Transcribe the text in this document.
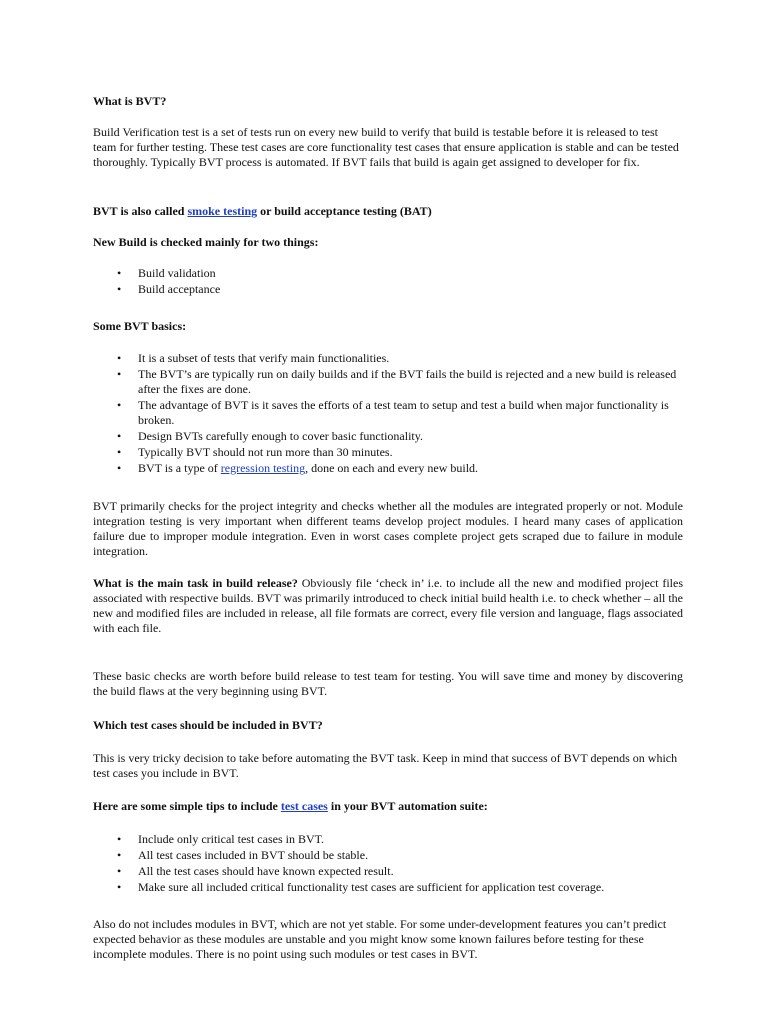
What is BVT?

Build Verification test is a set of tests run on every new build to verify that build is testable before it is released to test team for further testing. These test cases are core functionality test cases that ensure application is stable and can be tested thoroughly. Typically BVT process is automated. If BVT fails that build is again get assigned to developer for fix.

BVT is also called smoke testing or build acceptance testing (BAT)

New Build is checked mainly for two things:

• Build validation
• Build acceptance

Some BVT basics:

• It is a subset of tests that verify main functionalities.
• The BVT’s are typically run on daily builds and if the BVT fails the build is rejected and a new build is released after the fixes are done.
• The advantage of BVT is it saves the efforts of a test team to setup and test a build when major functionality is broken.
• Design BVTs carefully enough to cover basic functionality.
• Typically BVT should not run more than 30 minutes.
• BVT is a type of regression testing, done on each and every new build.

BVT primarily checks for the project integrity and checks whether all the modules are integrated properly or not. Module integration testing is very important when different teams develop project modules. I heard many cases of application failure due to improper module integration. Even in worst cases complete project gets scraped due to failure in module integration.

What is the main task in build release? Obviously file ‘check in’ i.e. to include all the new and modified project files associated with respective builds. BVT was primarily introduced to check initial build health i.e. to check whether – all the new and modified files are included in release, all file formats are correct, every file version and language, flags associated with each file.

These basic checks are worth before build release to test team for testing. You will save time and money by discovering the build flaws at the very beginning using BVT.

Which test cases should be included in BVT?

This is very tricky decision to take before automating the BVT task. Keep in mind that success of BVT depends on which test cases you include in BVT.

Here are some simple tips to include test cases in your BVT automation suite:

• Include only critical test cases in BVT.
• All test cases included in BVT should be stable.
• All the test cases should have known expected result.
• Make sure all included critical functionality test cases are sufficient for application test coverage.

Also do not includes modules in BVT, which are not yet stable. For some under-development features you can’t predict expected behavior as these modules are unstable and you might know some known failures before testing for these incomplete modules. There is no point using such modules or test cases in BVT.
